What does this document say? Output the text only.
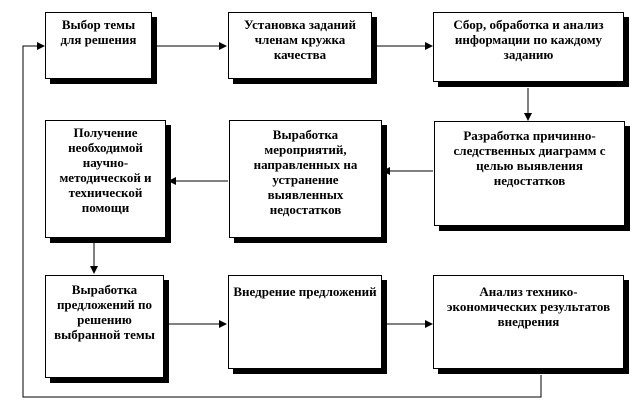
Выбор темы для решения
Установка заданий членам кружка качества
Сбор, обработка и анализ информации по каждому заданию
Разработка причинно-следственных диаграмм с целью выявления недостатков
Выработка мероприятий, направленных на устранение выявленных недостатков
Получение необходимой научно-методической и технической помощи
Выработка предложений по решению выбранной темы
Внедрение предложений	Анализ технико-экономических результатов внедрения
